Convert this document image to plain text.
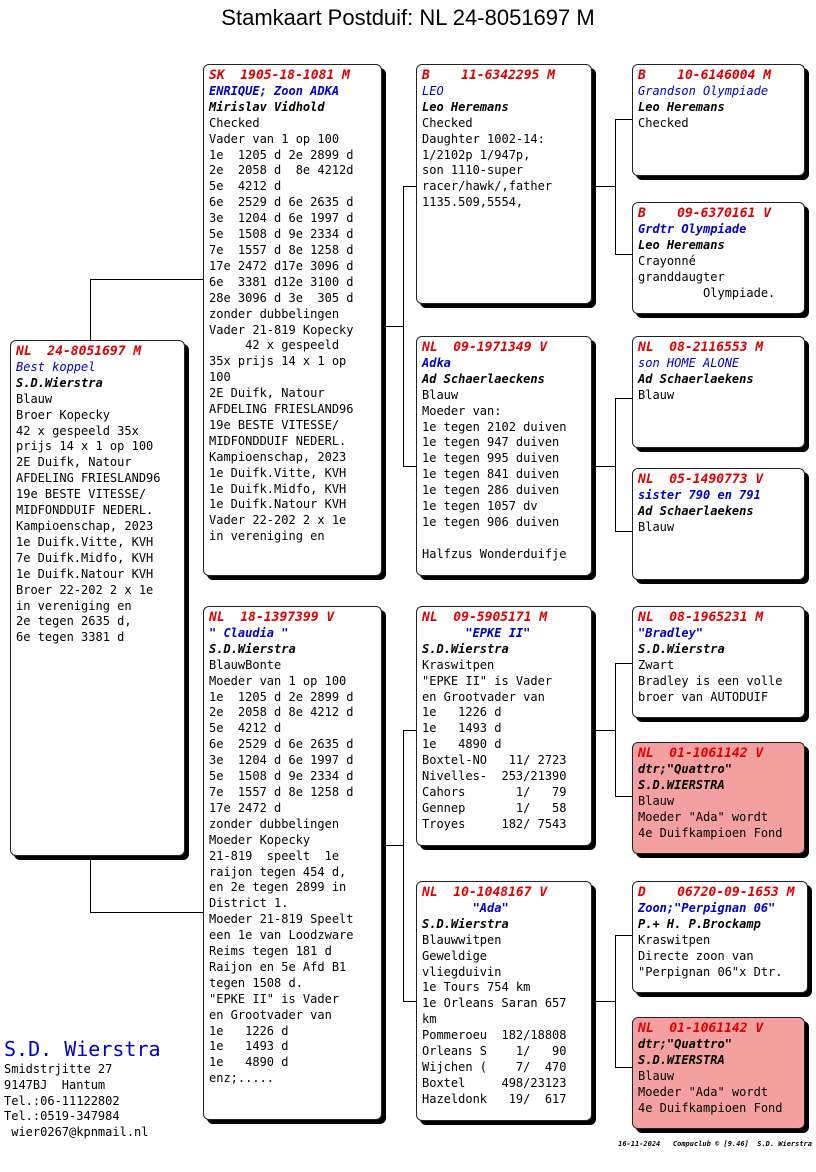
Stamkaart Postduif: NL 24-8051697 M
NL  24-8051697 M
Best koppel
S.D.Wierstra
Blauw
Broer Kopecky
42 x gespeeld 35x
prijs 14 x 1 op 100
2E Duifk, Natour
AFDELING FRIESLAND96
19e BESTE VITESSE/
MIDFONDDUIF NEDERL.
Kampioenschap, 2023
1e Duifk.Vitte, KVH
7e Duifk.Midfo, KVH
1e Duifk.Natour KVH
Broer 22-202 2 x 1e
in vereniging en
2e tegen 2635 d,
6e tegen 3381 d
SK  1905-18-1081 M
ENRIQUE; Zoon ADKA
Mirislav Vidhold
Checked
Vader van 1 op 100
1e  1205 d 2e 2899 d
2e  2058 d  8e 4212d
5e  4212 d
6e  2529 d 6e 2635 d
3e  1204 d 6e 1997 d
5e  1508 d 9e 2334 d
7e  1557 d 8e 1258 d
17e 2472 d17e 3096 d
6e  3381 d12e 3100 d
28e 3096 d 3e  305 d
zonder dubbelingen
Vader 21-819 Kopecky
42 x gespeeld
35x prijs 14 x 1 op
100
2E Duifk, Natour
AFDELING FRIESLAND96
19e BESTE VITESSE/
MIDFONDDUIF NEDERL.
Kampioenschap, 2023
1e Duifk.Vitte, KVH
1e Duifk.Midfo, KVH
1e Duifk.Natour KVH
Vader 22-202 2 x 1e
in vereniging en
NL  18-1397399 V
" Claudia "
S.D.Wierstra
BlauwBonte
Moeder van 1 op 100
1e  1205 d 2e 2899 d
2e  2058 d 8e 4212 d
5e  4212 d
6e  2529 d 6e 2635 d
3e  1204 d 6e 1997 d
5e  1508 d 9e 2334 d
7e  1557 d 8e 1258 d
17e 2472 d
zonder dubbelingen
Moeder Kopecky
21-819  speelt  1e
raijon tegen 454 d,
en 2e tegen 2899 in
District 1.
Moeder 21-819 Speelt
een 1e van Loodzware
Reims tegen 181 d
Raijon en 5e Afd B1
tegen 1508 d.
"EPKE II" is Vader
en Grootvader van
1e   1226 d
1e   1493 d
1e   4890 d
enz;.....
B    11-6342295 M
LEO
Leo Heremans
Checked
Daughter 1002-14:
1/2102p 1/947p,
son 1110-super
racer/hawk/,father
1135.509,5554,
NL  09-1971349 V
Adka
Ad Schaerlaeckens
Blauw
Moeder van:
1e tegen 2102 duiven
1e tegen 947 duiven
1e tegen 995 duiven
1e tegen 841 duiven
1e tegen 286 duiven
1e tegen 1057 dv
1e tegen 906 duiven
Halfzus Wonderduifje
NL  09-5905171 M
"EPKE II"
S.D.Wierstra
Kraswitpen
"EPKE II" is Vader
en Grootvader van
1e   1226 d
1e   1493 d
1e   4890 d
Boxtel-NO   11/ 2723
Nivelles-  253/21390
Cahors       1/   79
Gennep       1/   58
Troyes     182/ 7543
NL  10-1048167 V
"Ada"
S.D.Wierstra
Blauwwitpen
Geweldige
vliegduivin
1e Tours 754 km
1e Orleans Saran 657
km
Pommeroeu  182/18808
Orleans S    1/   90
Wijchen (    7/  470
Boxtel     498/23123
Hazeldonk   19/  617
B    10-6146004 M
Grandson Olympiade
Leo Heremans
Checked
B    09-6370161 V
Grdtr Olympiade
Leo Heremans
Crayonné
granddaugter
Olympiade.
NL  08-2116553 M
son HOME ALONE
Ad Schaerlaekens
Blauw
NL  05-1490773 V
sister 790 en 791
Ad Schaerlaekens
Blauw
NL  08-1965231 M
"Bradley"
S.D.Wierstra
Zwart
Bradley is een volle
broer van AUTODUIF
NL  01-1061142 V
dtr;"Quattro"
S.D.WIERSTRA
Blauw
Moeder "Ada" wordt
4e Duifkampioen Fond
D    06720-09-1653 M
Zoon;"Perpignan 06"
P.+ H. P.Brockamp
Kraswitpen
Directe zoon van
"Perpignan 06"x Dtr.
NL  01-1061142 V
dtr;"Quattro"
S.D.WIERSTRA
Blauw
Moeder "Ada" wordt
4e Duifkampioen Fond
S.D. Wierstra
Smidstrjitte 27
9147BJ  Hantum
Tel.:06-11122802
Tel.:0519-347984
wier0267@kpnmail.nl
16-11-2024   Compuclub © [9.46]  S.D. Wierstra
